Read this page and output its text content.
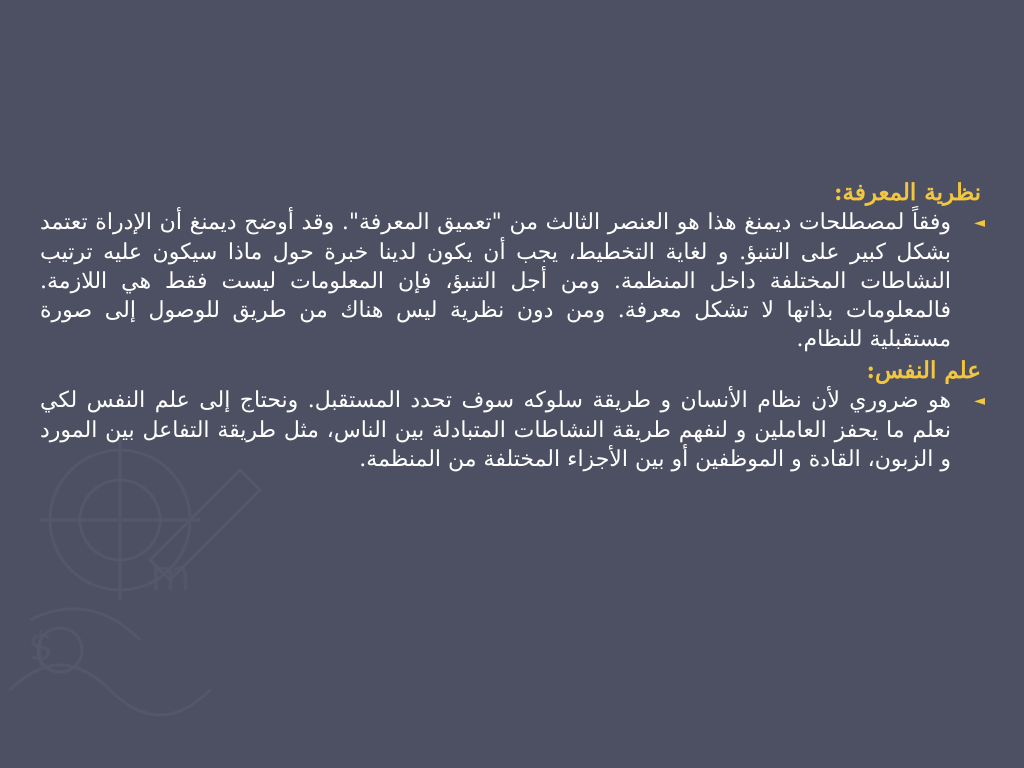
$
m

نظرية المعرفة:

◄وفقاً لمصطلحات ديمنغ هذا هو العنصر الثالث من "تعميق المعرفة". وقد أوضح ديمنغ أن الإدراة تعتمد بشكل كبير على التنبؤ. و لغاية التخطيط، يجب أن يكون لدينا خبرة حول ماذا سيكون عليه ترتيب النشاطات المختلفة داخل المنظمة. ومن أجل التنبؤ، فإن المعلومات ليست فقط هي اللازمة. فالمعلومات بذاتها لا تشكل معرفة. ومن دون نظرية ليس هناك من طريق للوصول إلى صورة مستقبلية للنظام.

علم النفس:

◄هو ضروري لأن نظام الأنسان و طريقة سلوكه سوف تحدد المستقبل. ونحتاج إلى علم النفس لكي نعلم ما يحفز العاملين و لنفهم طريقة النشاطات المتبادلة بين الناس، مثل طريقة التفاعل بين المورد و الزبون، القادة و الموظفين أو بين الأجزاء المختلفة من المنظمة.
